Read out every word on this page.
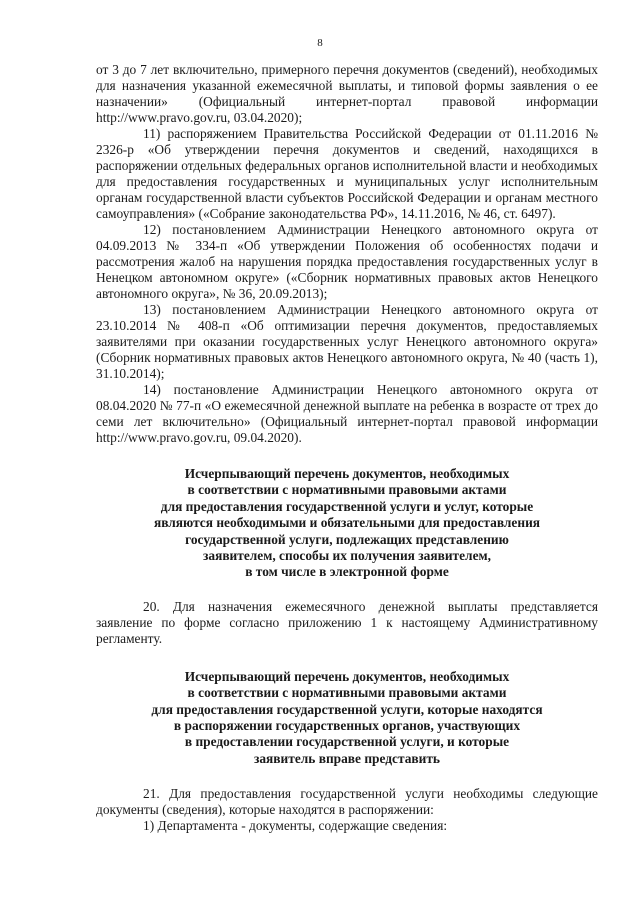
8

от 3 до 7 лет включительно, примерного перечня документов (сведений), необходимых для назначения указанной ежемесячной выплаты, и типовой формы заявления о ее назначении» (Официальный интернет-портал правовой информации http://www.pravo.gov.ru, 03.04.2020);

11) распоряжением Правительства Российской Федерации от 01.11.2016 № 2326-р «Об утверждении перечня документов и сведений, находящихся в распоряжении отдельных федеральных органов исполнительной власти и необходимых для предоставления государственных и муниципальных услуг исполнительным органам государственной власти субъектов Российской Федерации и органам местного самоуправления» («Собрание законодательства РФ», 14.11.2016, № 46, ст. 6497).

12) постановлением Администрации Ненецкого автономного округа от 04.09.2013 № 334-п «Об утверждении Положения об особенностях подачи и рассмотрения жалоб на нарушения порядка предоставления государственных услуг в Ненецком автономном округе» («Сборник нормативных правовых актов Ненецкого автономного округа», № 36, 20.09.2013);

13) постановлением Администрации Ненецкого автономного округа от 23.10.2014 № 408-п «Об оптимизации перечня документов, предоставляемых заявителями при оказании государственных услуг Ненецкого автономного округа» (Сборник нормативных правовых актов Ненецкого автономного округа, № 40 (часть 1), 31.10.2014);

14) постановление Администрации Ненецкого автономного округа от 08.04.2020 № 77-п «О ежемесячной денежной выплате на ребенка в возрасте от трех до семи лет включительно» (Официальный интернет-портал правовой информации http://www.pravo.gov.ru, 09.04.2020).

Исчерпывающий перечень документов, необходимых
в соответствии с нормативными правовыми актами
для предоставления государственной услуги и услуг, которые
являются необходимыми и обязательными для предоставления
государственной услуги, подлежащих представлению
заявителем, способы их получения заявителем,
в том числе в электронной форме

20. Для назначения ежемесячного денежной выплаты представляется заявление по форме согласно приложению 1 к настоящему Административному регламенту.

Исчерпывающий перечень документов, необходимых
в соответствии с нормативными правовыми актами
для предоставления государственной услуги, которые находятся
в распоряжении государственных органов, участвующих
в предоставлении государственной услуги, и которые
заявитель вправе представить

21. Для предоставления государственной услуги необходимы следующие документы (сведения), которые находятся в распоряжении:

1) Департамента - документы, содержащие сведения:
